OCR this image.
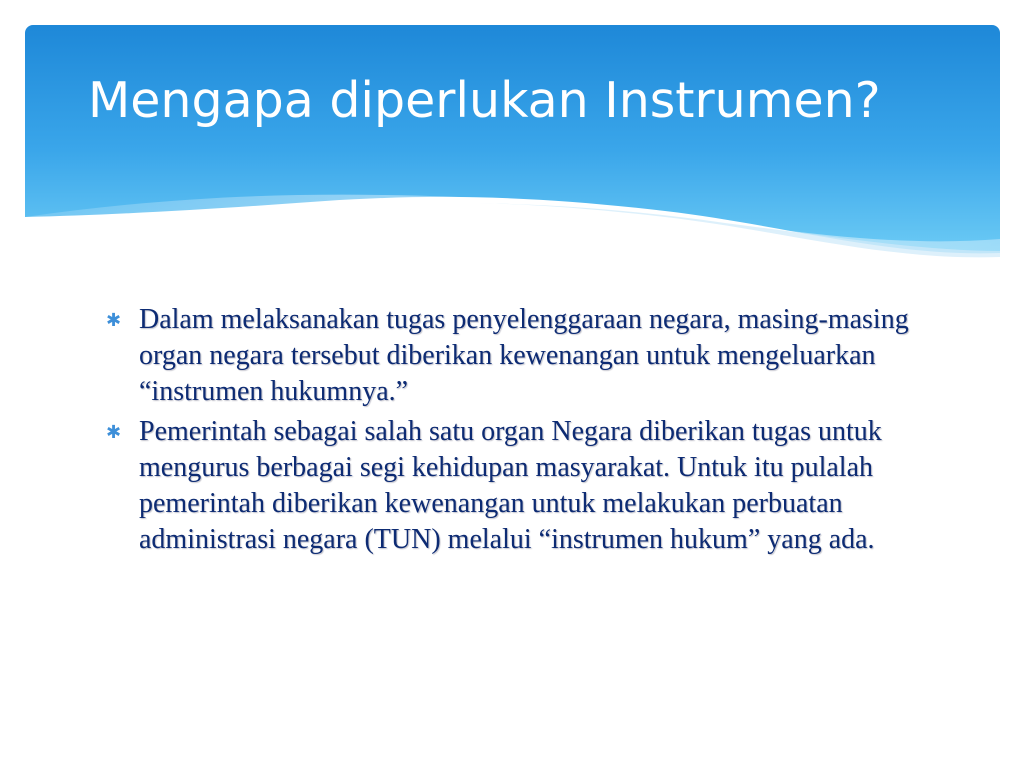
Mengapa diperlukan Instrumen?
✱ Dalam melaksanakan tugas penyelenggaraan negara, masing-masing organ negara tersebut diberikan kewenangan untuk mengeluarkan “instrumen hukumnya.”
✱ Pemerintah sebagai salah satu organ Negara diberikan tugas untuk mengurus berbagai segi kehidupan masyarakat. Untuk itu pulalah pemerintah diberikan kewenangan untuk melakukan perbuatan administrasi negara (TUN) melalui “instrumen hukum” yang ada.
